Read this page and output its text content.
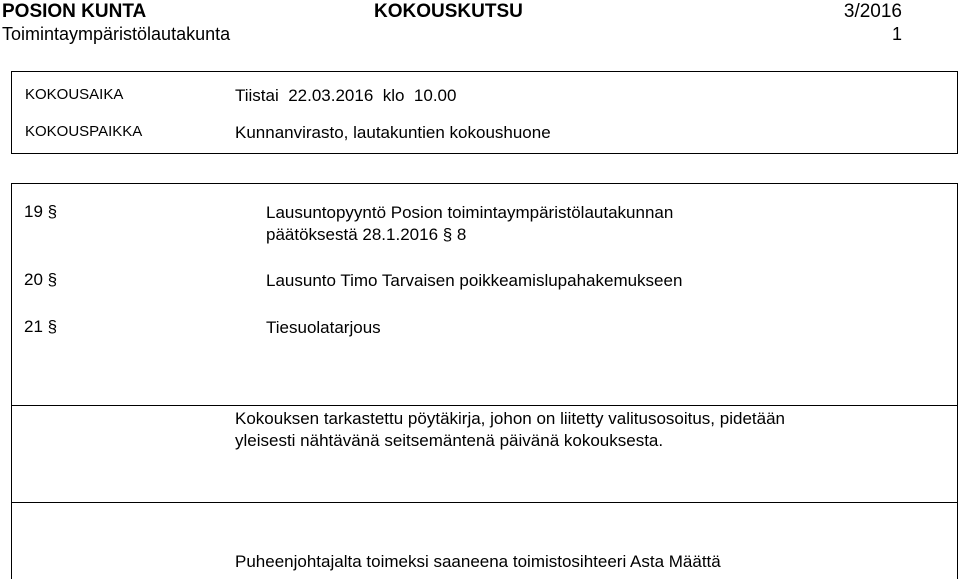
POSION KUNTA	KOKOUSKUTSU	3/2016
Toimintaympäristölautakunta	1
KOKOUSAIKA	Tiistai  22.03.2016  klo  10.00
KOKOUSPAIKKA	Kunnanvirasto, lautakuntien kokoushuone
19 §	Lausuntopyyntö Posion toimintaympäristölautakunnan
päätöksestä 28.1.2016 § 8
20 §	Lausunto Timo Tarvaisen poikkeamislupahakemukseen
21 §	Tiesuolatarjous
Kokouksen tarkastettu pöytäkirja, johon on liitetty valitusosoitus, pidetään
yleisesti nähtävänä seitsemäntenä päivänä kokouksesta.
Puheenjohtajalta toimeksi saaneena toimistosihteeri Asta Määttä
